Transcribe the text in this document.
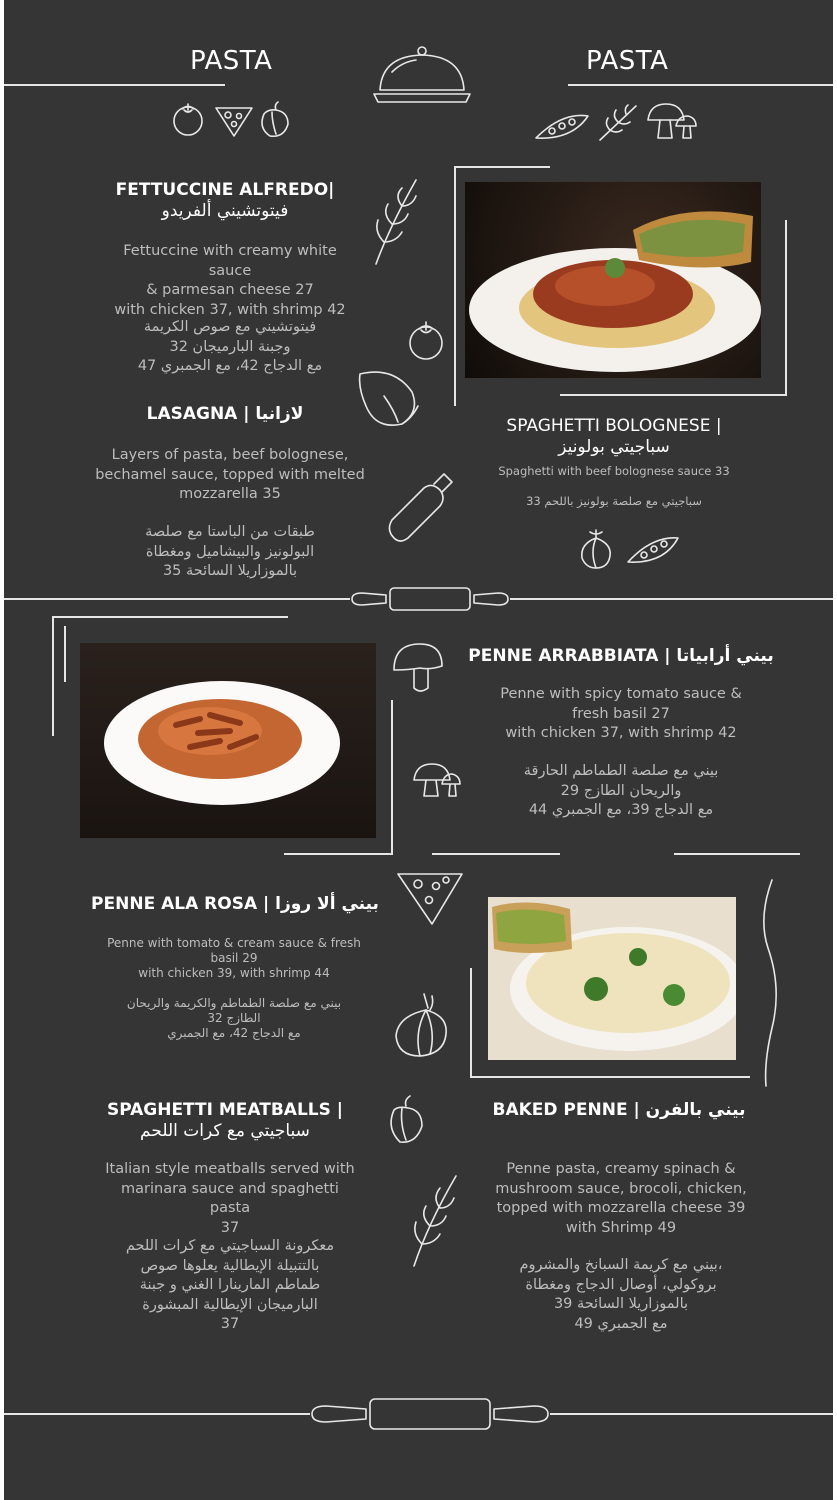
PASTA	PASTA
FETTUCCINE ALFREDO|
فيتوتشيني ألفريدو
Fettuccine with creamy white sauce
& parmesan cheese 27
with chicken 37, with shrimp 42
فيتوتشيني مع صوص الكريمة
وجبنة البارميجان 32
مع الدجاج 42، مع الجمبري 47
LASAGNA | لازانيا
Layers of pasta, beef bolognese,
bechamel sauce, topped with melted
mozzarella 35
طبقات من الباستا مع صلصة
البولونيز والبيشاميل ومغطاة
بالموزاريلا السائحة 35
SPAGHETTI BOLOGNESE |
سباجيتي بولونيز
Spaghetti with beef bolognese sauce 33
سباجيتي مع صلصة بولونيز باللحم 33
PENNE ARRABBIATA | بيني أرابياتا
Penne with spicy tomato sauce &
fresh basil 27
with chicken 37, with shrimp 42
بيني مع صلصة الطماطم الحارقة
والريحان الطازج 29
مع الدجاج 39، مع الجمبري 44
PENNE ALA ROSA | بيني ألا روزا
Penne with tomato & cream sauce & fresh
basil 29
with chicken 39, with shrimp 44
بيني مع صلصة الطماطم والكريمة والريحان
الطازج 32
مع الدجاج 42، مع الجمبري
SPAGHETTI MEATBALLS |
سباجيتي مع كرات اللحم
Italian style meatballs served with
marinara sauce and spaghetti pasta
37
معكرونة السباجيتي مع كرات اللحم
بالتتبيلة الإيطالية يعلوها صوص
طماطم المارينارا الغني و جبنة
البارميجان الإيطالية المبشورة
37
BAKED PENNE | بيني بالفرن
Penne pasta, creamy spinach &
mushroom sauce, brocoli, chicken,
topped with mozzarella cheese 39
with Shrimp 49
بيني مع كريمة السبانخ والمشروم،
بروكولي، أوصال الدجاج ومغطاة
بالموزاريلا السائحة 39
مع الجمبري 49
